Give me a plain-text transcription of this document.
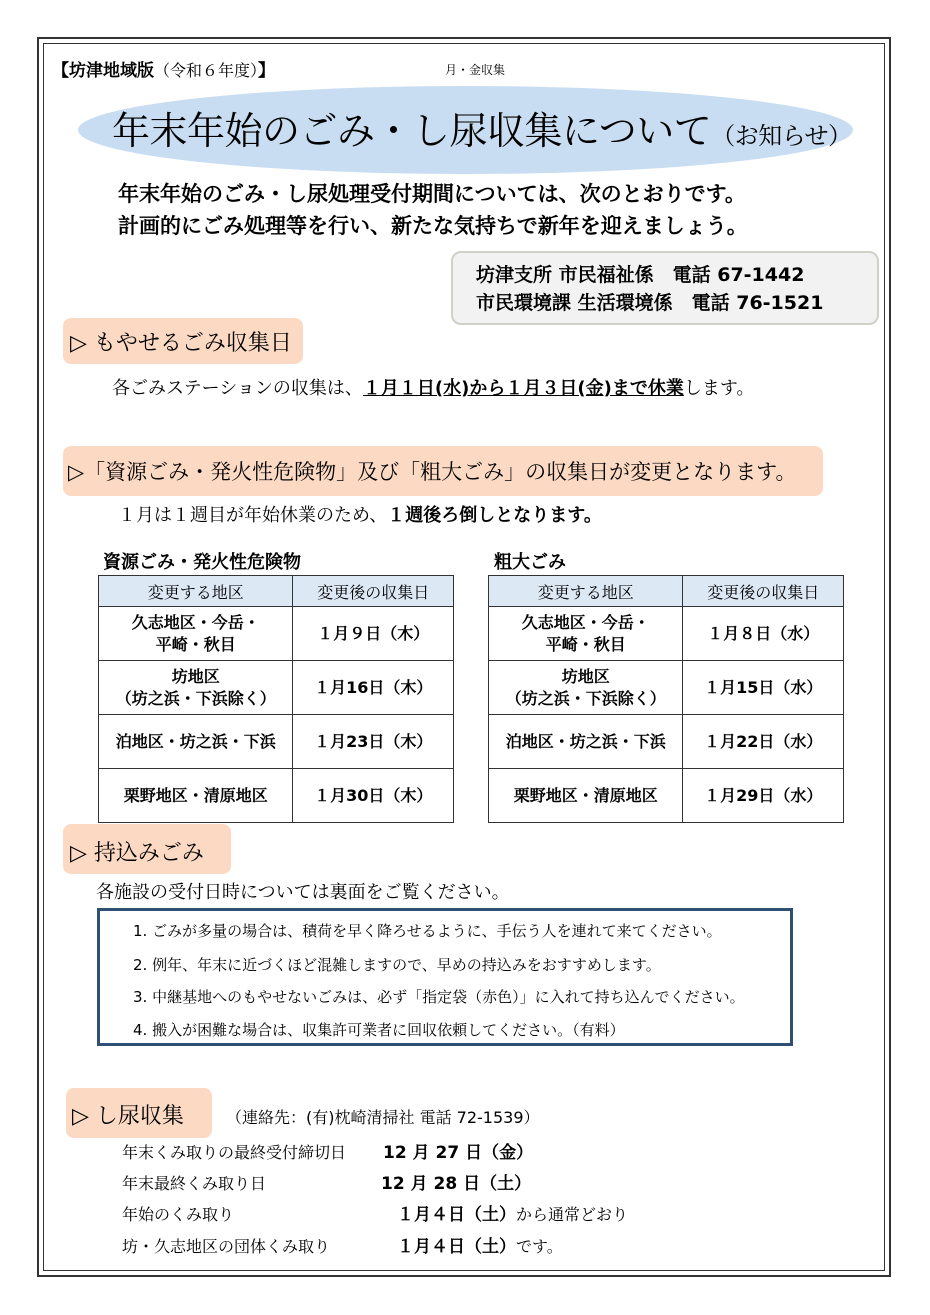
【坊津地域版（令和６年度）】	月・金収集
年末年始のごみ・し尿収集について（お知らせ）
年末年始のごみ・し尿処理受付期間については、次のとおりです。
計画的にごみ処理等を行い、新たな気持ちで新年を迎えましょう。
坊津支所 市民福祉係　電話 67-1442
市民環境課 生活環境係　電話 76-1521
▷ もやせるごみ収集日
各ごみステーションの収集は、１月１日(水)から１月３日(金)まで休業します。
▷「資源ごみ・発火性危険物」及び「粗大ごみ」の収集日が変更となります。
１月は１週目が年始休業のため、１週後ろ倒しとなります。
資源ごみ・発火性危険物	粗大ごみ
変更する地区	変更後の収集日

久志地区・今岳・
平崎・秋目	１月９日（木）

坊地区
（坊之浜・下浜除く）	１月16日（木）

泊地区・坊之浜・下浜	１月23日（木）

栗野地区・清原地区	１月30日（木）
変更する地区	変更後の収集日

久志地区・今岳・
平崎・秋目	１月８日（水）

坊地区
（坊之浜・下浜除く）	１月15日（水）

泊地区・坊之浜・下浜	１月22日（水）

栗野地区・清原地区	１月29日（水）
▷ 持込みごみ
各施設の受付日時については裏面をご覧ください。
1. ごみが多量の場合は、積荷を早く降ろせるように、手伝う人を連れて来てください。
2. 例年、年末に近づくほど混雑しますので、早めの持込みをおすすめします。
3. 中継基地へのもやせないごみは、必ず「指定袋（赤色）」に入れて持ち込んでください。
4. 搬入が困難な場合は、収集許可業者に回収依頼してください。（有料）
▷ し尿収集	（連絡先：(有)枕崎清掃社 電話 72-1539）
年末くみ取りの最終受付締切日 12 月 27 日（金）
年末最終くみ取り日	12 月 28 日（土）
年始のくみ取り	１月４日（土）から通常どおり
坊・久志地区の団体くみ取り	１月４日（土）です。
